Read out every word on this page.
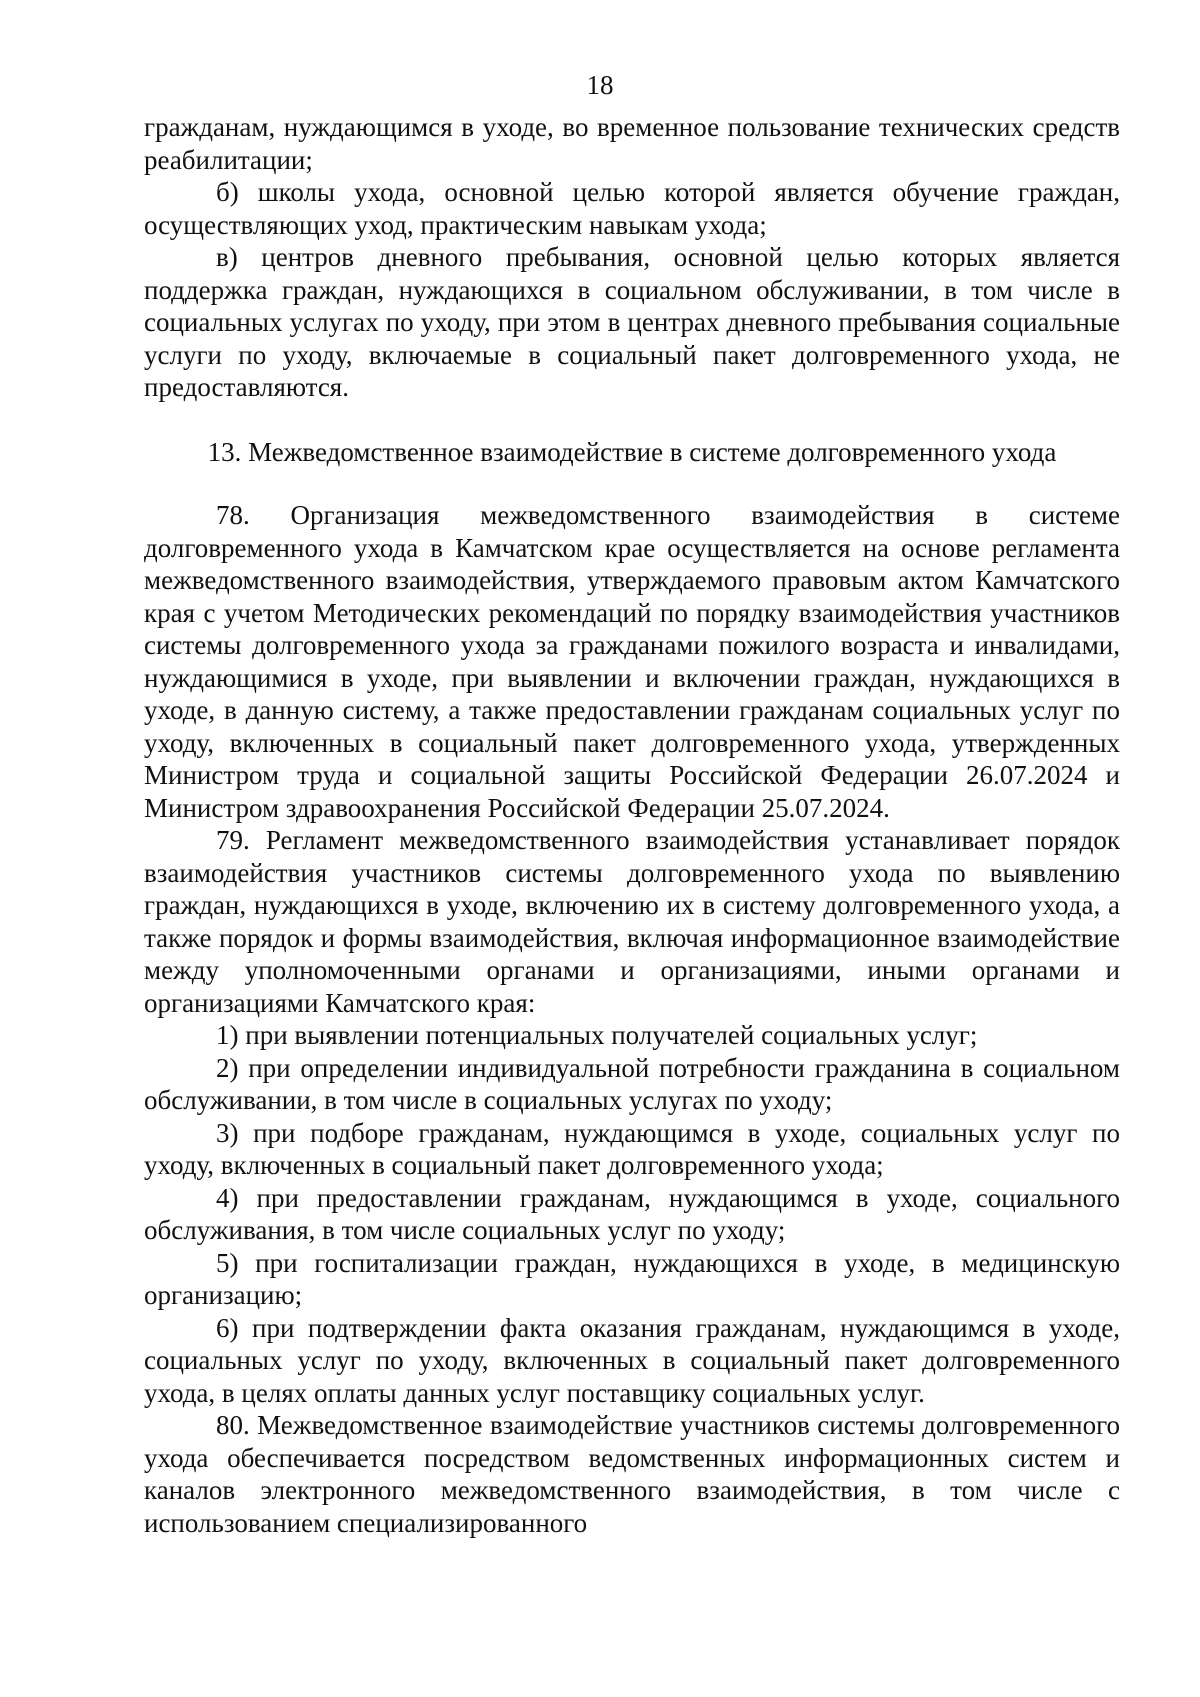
18

гражданам, нуждающимся в уходе, во временное пользование технических средств реабилитации;

б) школы ухода, основной целью которой является обучение граждан, осуществляющих уход, практическим навыкам ухода;

в) центров дневного пребывания, основной целью которых является поддержка граждан, нуждающихся в социальном обслуживании, в том числе в социальных услугах по уходу, при этом в центрах дневного пребывания социальные услуги по уходу, включаемые в социальный пакет долговременного ухода, не предоставляются.

13. Межведомственное взаимодействие в системе долговременного ухода

78. Организация межведомственного взаимодействия в системе долговременного ухода в Камчатском крае осуществляется на основе регламента межведомственного взаимодействия, утверждаемого правовым актом Камчатского края с учетом Методических рекомендаций по порядку взаимодействия участников системы долговременного ухода за гражданами пожилого возраста и инвалидами, нуждающимися в уходе, при выявлении и включении граждан, нуждающихся в уходе, в данную систему, а также предоставлении гражданам социальных услуг по уходу, включенных в социальный пакет долговременного ухода, утвержденных Министром труда и социальной защиты Российской Федерации 26.07.2024 и Министром здравоохранения Российской Федерации 25.07.2024.

79. Регламент межведомственного взаимодействия устанавливает порядок взаимодействия участников системы долговременного ухода по выявлению граждан, нуждающихся в уходе, включению их в систему долговременного ухода, а также порядок и формы взаимодействия, включая информационное взаимодействие между уполномоченными органами и организациями, иными органами и организациями Камчатского края:

1) при выявлении потенциальных получателей социальных услуг;

2) при определении индивидуальной потребности гражданина в социальном обслуживании, в том числе в социальных услугах по уходу;

3) при подборе гражданам, нуждающимся в уходе, социальных услуг по уходу, включенных в социальный пакет долговременного ухода;

4) при предоставлении гражданам, нуждающимся в уходе, социального обслуживания, в том числе социальных услуг по уходу;

5) при госпитализации граждан, нуждающихся в уходе, в медицинскую организацию;

6) при подтверждении факта оказания гражданам, нуждающимся в уходе, социальных услуг по уходу, включенных в социальный пакет долговременного ухода, в целях оплаты данных услуг поставщику социальных услуг.

80. Межведомственное взаимодействие участников системы долговременного ухода обеспечивается посредством ведомственных информационных систем и каналов электронного межведомственного взаимодействия, в том числе с использованием специализированного
